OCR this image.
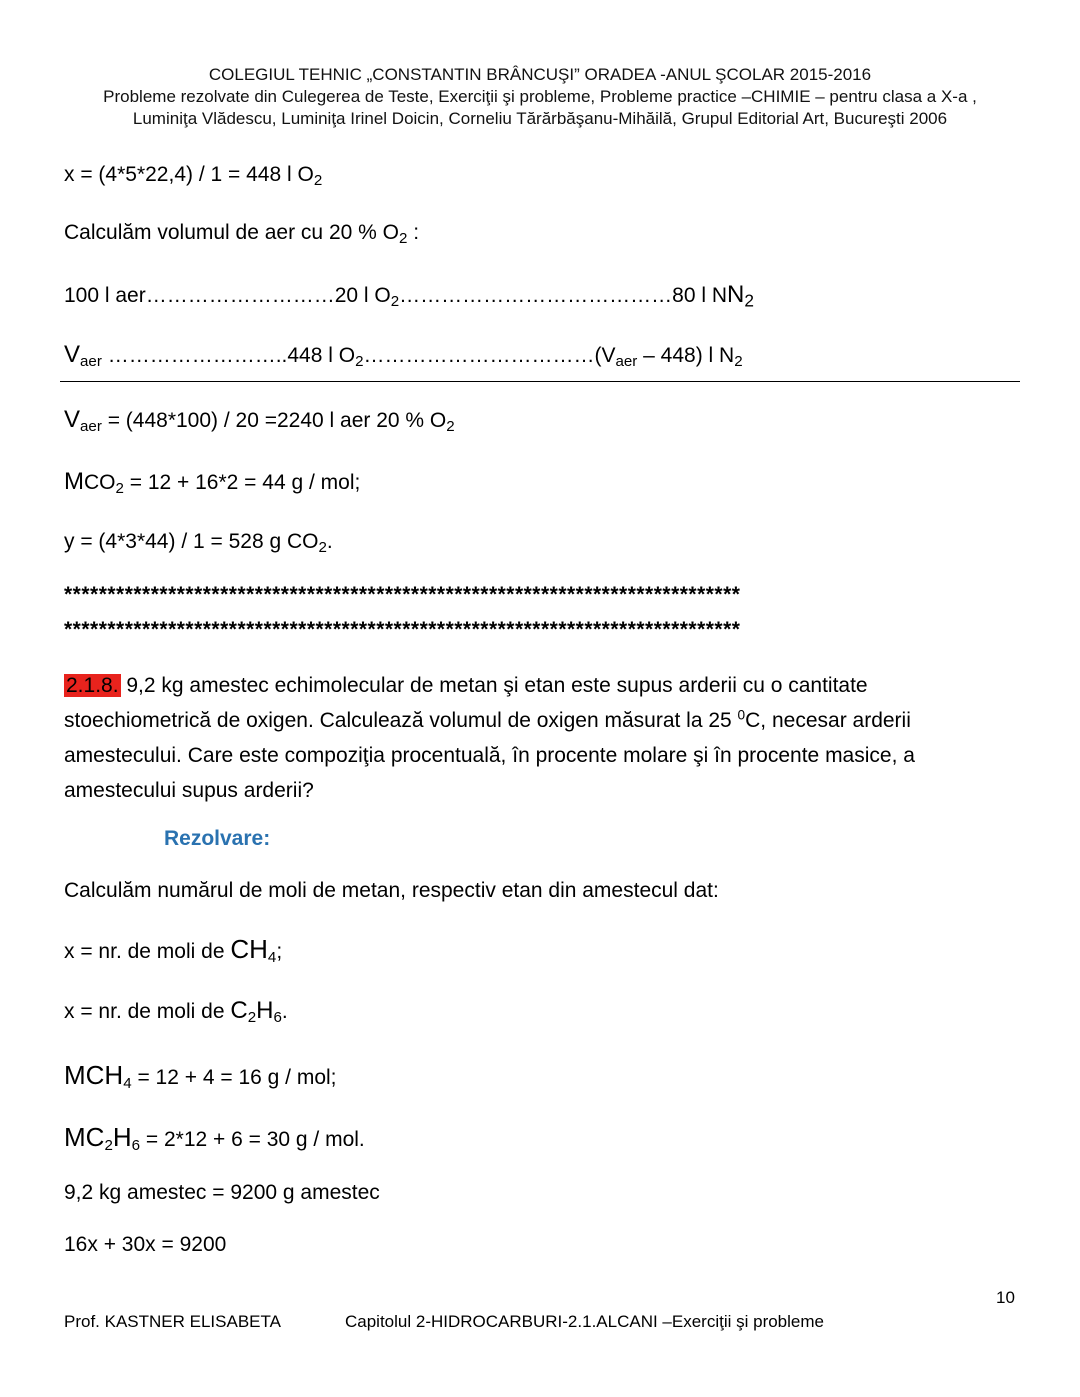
COLEGIUL TEHNIC „CONSTANTIN BRÂNCUŞI” ORADEA -ANUL ŞCOLAR 2015-2016
Probleme rezolvate din Culegerea de Teste, Exerciţii şi probleme, Probleme practice –CHIMIE – pentru clasa a X-a ,
Luminiţa Vlădescu, Luminiţa Irinel Doicin, Corneliu Tărărbăşanu-Mihăilă, Grupul Editorial Art, Bucureşti 2006
x = (4*5*22,4) / 1 = 448 l $O_2$
Calculăm volumul de aer cu 20 % $O_2$ :
100 l aer………………………20 l $O_2\dots\dots\dots\dots\dots\dots\dots\dots\dots\dots\dots\dots\dots 80$ l $NN_2$
$V_{aer}$ ……………………..448 l $O_2\dots\dots\dots\dots\dots\dots\dots\dots\dots\dots\dots(V_{aer} - 448)$ l $N_2$
$V_{aer} = (448*100) / 20 =2240$ l aer 20 % $O_2$
$MCO_2 = 12 + 16*2 = 44$ g / mol;
y = (4*3*44) / 1 = 528 g $CO_2$.
******************************************************************************
******************************************************************************
2.1.8. 9,2 kg amestec echimolecular de metan şi etan este supus arderii cu o cantitate stoechiometrică de oxigen. Calculează volumul de oxigen măsurat la 25 $^0$C, necesar arderii amestecului. Care este compoziţia procentuală, în procente molare şi în procente masice, a amestecului supus arderii?
Rezolvare:
Calculăm numărul de moli de metan, respectiv etan din amestecul dat:
x = nr. de moli de $CH_4$;
x = nr. de moli de $C_2H_6$.
$MCH_4 = 12 + 4 = 16$ g / mol;
$MC_2H_6 = 2*12 + 6 = 30$ g / mol.
9,2 kg amestec = 9200 g amestec
16x + 30x = 9200
10
Prof. KASTNER ELISABETA	Capitolul 2-HIDROCARBURI-2.1.ALCANI –Exerciţii şi probleme
